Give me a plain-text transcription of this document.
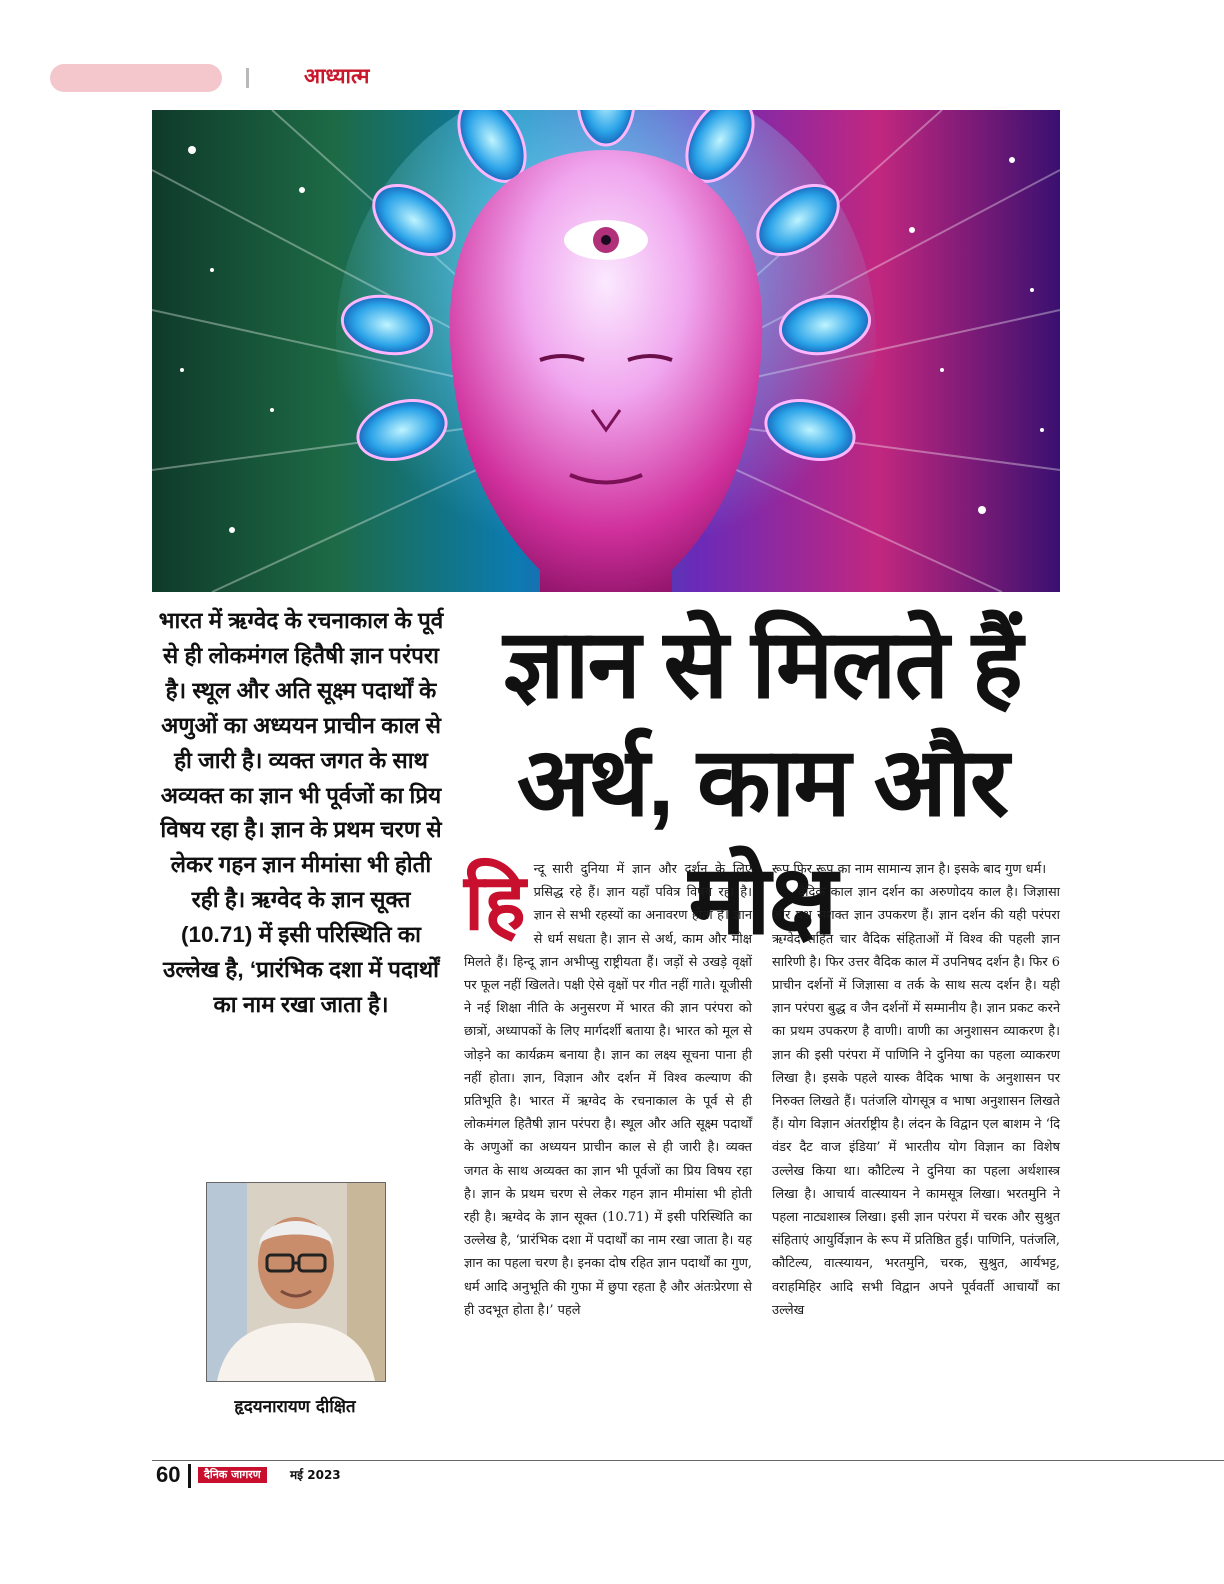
आध्यात्म

भारत में ऋग्वेद के रचनाकाल के पूर्व से ही लोकमंगल हितैषी ज्ञान परंपरा है। स्थूल और अति सूक्ष्म पदार्थों के अणुओं का अध्ययन प्राचीन काल से ही जारी है। व्यक्त जगत के साथ अव्यक्त का ज्ञान भी पूर्वजों का प्रिय विषय रहा है। ज्ञान के प्रथम चरण से लेकर गहन ज्ञान मीमांसा भी होती रही है। ऋग्वेद के ज्ञान सूक्त (10.71) में इसी परिस्थिति का उल्लेख है, ‘प्रारंभिक दशा में पदार्थों का नाम रखा जाता है।

ज्ञान से मिलते हैं
अर्थ, काम और मोक्ष
हृदयनारायण दीक्षित

हिन्दू सारी दुनिया में ज्ञान और दर्शन के लिए प्रसिद्ध रहे हैं। ज्ञान यहाँ पवित्र विषय रहा है। ज्ञान से सभी रहस्यों का अनावरण होता है। ज्ञान से धर्म सधता है। ज्ञान से अर्थ, काम और मोक्ष मिलते हैं। हिन्दू ज्ञान अभीप्सु राष्ट्रीयता हैं। जड़ों से उखड़े वृक्षों पर फूल नहीं खिलते। पक्षी ऐसे वृक्षों पर गीत नहीं गाते। यूजीसी ने नई शिक्षा नीति के अनुसरण में भारत की ज्ञान परंपरा को छात्रों, अध्यापकों के लिए मार्गदर्शी बताया है। भारत को मूल से जोड़ने का कार्यक्रम बनाया है। ज्ञान का लक्ष्य सूचना पाना ही नहीं होता। ज्ञान, विज्ञान और दर्शन में विश्व कल्याण की प्रतिभूति है। भारत में ऋग्वेद के रचनाकाल के पूर्व से ही लोकमंगल हितैषी ज्ञान परंपरा है। स्थूल और अति सूक्ष्म पदार्थों के अणुओं का अध्ययन प्राचीन काल से ही जारी है। व्यक्त जगत के साथ अव्यक्त का ज्ञान भी पूर्वजों का प्रिय विषय रहा है। ज्ञान के प्रथम चरण से लेकर गहन ज्ञान मीमांसा भी होती रही है। ऋग्वेद के ज्ञान सूक्त (10.71) में इसी परिस्थिति का उल्लेख है, ‘प्रारंभिक दशा में पदार्थों का नाम रखा जाता है। यह ज्ञान का पहला चरण है। इनका दोष रहित ज्ञान पदार्थों का गुण, धर्म आदि अनुभूति की गुफा में छुपा रहता है और अंतःप्रेरणा से ही उदभूत होता है।’ पहले

रूप फिर रूप का नाम सामान्य ज्ञान है। इसके बाद गुण धर्म।
वैदिक काल ज्ञान दर्शन का अरुणोदय काल है। जिज्ञासा और प्रश्न सशक्त ज्ञान उपकरण हैं। ज्ञान दर्शन की यही परंपरा ऋग्वेद सहित चार वैदिक संहिताओं में विश्व की पहली ज्ञान सारिणी है। फिर उत्तर वैदिक काल में उपनिषद दर्शन है। फिर 6 प्राचीन दर्शनों में जिज्ञासा व तर्क के साथ सत्य दर्शन है। यही ज्ञान परंपरा बुद्ध व जैन दर्शनों में सम्मानीय है। ज्ञान प्रकट करने का प्रथम उपकरण है वाणी। वाणी का अनुशासन व्याकरण है। ज्ञान की इसी परंपरा में पाणिनि ने दुनिया का पहला व्याकरण लिखा है। इसके पहले यास्क वैदिक भाषा के अनुशासन पर निरुक्त लिखते हैं। पतंजलि योगसूत्र व भाषा अनुशासन लिखते हैं। योग विज्ञान अंतर्राष्ट्रीय है। लंदन के विद्वान एल बाशम ने ‘दि वंडर दैट वाज इंडिया’ में भारतीय योग विज्ञान का विशेष उल्लेख किया था। कौटिल्य ने दुनिया का पहला अर्थशास्त्र लिखा है। आचार्य वात्स्यायन ने कामसूत्र लिखा। भरतमुनि ने पहला नाट्यशास्त्र लिखा। इसी ज्ञान परंपरा में चरक और सुश्रुत संहिताएं आयुर्विज्ञान के रूप में प्रतिष्ठित हुईं। पाणिनि, पतंजलि, कौटिल्य, वात्स्यायन, भरतमुनि, चरक, सुश्रुत, आर्यभट्ट, वराहमिहिर आदि सभी विद्वान अपने पूर्ववर्ती आचार्यों का उल्लेख

60	दैनिक जागरण	मई 2023
